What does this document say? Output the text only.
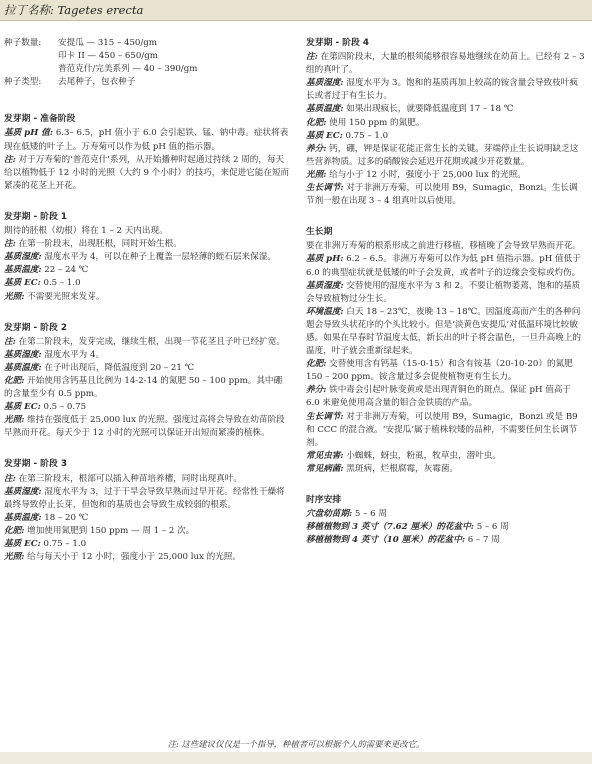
拉丁名称: Tagetes erecta
种子数量:	安提瓜 — 315 – 450/gm
印卡 II — 450 – 650/gm
普范克什/完美系列 — 40 – 390/gm
种子类型:	去尾种子，包衣种子
发芽期 - 准备阶段

基质 pH 值: 6.3– 6.5，pH 值小于 6.0 会引起铁、锰、钠中毒。症状将表现在低矮的叶子上。万寿菊可以作为低 pH 值的指示器。

注: 对于万寿菊的‘普范克什’系列，从开始播种时起通过持续 2 周的，每天给以植物低于 12 小时的光照（大约 9 个小时）的技巧，来促进它能在短而紧凑的花茎上开花。

发芽期 - 阶段 1

期待的胚根（幼根）将在 1 – 2 天内出现。

注: 在第一阶段末，出现胚根，同时开始生根。

基质湿度: 湿度水平为 4，可以在种子上覆盖一层轻薄的蛭石层来保湿。

基质温度: 22 – 24 ℃

基质 EC: 0.5 – 1.0

光照: 不需要光照来发芽。

发芽期 - 阶段 2

注: 在第二阶段末，发芽完成，继续生根，出现一节花茎且子叶已经扩宽。

基质湿度: 湿度水平为 4。

基质温度: 在子叶出现后，降低温度到 20 – 21 ℃

化肥: 开始使用含钙基且比例为 14-2-14 的氮肥 50 – 100 ppm。其中硼的含量至少有 0.5 ppm。

基质 EC: 0.5 – 0.75

光照: 维持在强度低于 25,000 lux 的光照。强度过高将会导致在幼苗阶段早熟而开花。每天少于 12 小时的光照可以保证开出短而紧凑的植株。

发芽期 - 阶段 3

注: 在第三阶段末，根部可以插入种苗培养槽，同时出现真叶。

基质湿度: 湿度水平为 3，过于干旱会导致早熟而过早开花。经常性干燥将最终导致停止长芽，但饱和的基质也会导致生成较弱的根系。

基质温度: 18 – 20 ℃

化肥: 增加使用氮肥到 150 ppm — 周 1 – 2 次。

基质 EC: 0.75 – 1.0

光照: 给与每天小于 12 小时，强度小于 25,000 lux 的光照。

发芽期 - 阶段 4

注: 在第四阶段末，大量的根须能够很容易地继续在幼苗上。已经有 2 – 3 组的真叶了。

基质湿度: 湿度水平为 3。饱和的基质再加上较高的铵含量会导致枝叶疯长或者过于有生长力。

基质温度: 如果出现疯长，就要降低温度到 17 – 18 ℃

化肥: 使用 150 ppm 的氮肥。

基质 EC: 0.75 – 1.0

养分: 钙，硼，钾是保证花能正常生长的关键。芽端停止生长说明缺乏这些营养物质。过多的硝酸铵会延迟开花期或减少开花数量。

光照: 给与小于 12 小时，强度小于 25,000 lux 的光照。

生长调节: 对于非洲万寿菊，可以使用 B9，Sumagic，Bonzi。生长调节剂一般在出现 3 – 4 组真叶以后使用。

生长期

要在非洲万寿菊的根系形成之前进行移植，移植晚了会导致早熟而开花。

基质 pH: 6.2 – 6.5。非洲万寿菊可以作为低 pH 值指示器。pH 值低于 6.0 的典型症状就是低矮的叶子会发黄，或者叶子的边缘会变棕或灼伤。

基质湿度: 交替使用的湿度水平为 3 和 2。不要让植物萎蔫，饱和的基质会导致植物过分生长。

环境温度: 白天 18 – 23℃，夜晚 13 – 18℃。因温度高而产生的各种问题会导致头状花序的个头比较小。但是‘淡黄色安提瓜’对低温环境比较敏感。如果在早春时节温度太低，新长出的叶子将会温色，一旦升高晚上的温度，叶子就会重新绿起来。

化肥: 交替使用含有钙基（15-0-15）和含有铵基（20-10-20）的氮肥 150 – 200 ppm。铵含量过多会促使植物更有生长力。

养分: 铁中毒会引起叶脉变黄或是出现青铜色的斑点。保证 pH 值高于 6.0 来避免使用高含量的钼合金铁质的产品。

生长调节: 对于非洲万寿菊，可以使用 B9，Sumagic，Bonzi 或是 B9 和 CCC 的混合液。‘安提瓜’属于植株较矮的品种，不需要任何生长调节剂。

常见虫害: 小蜘蛛，蚜虫，粉虱，牧草虫，潜叶虫。

常见病菌: 黑斑病，烂根腐霉，灰霉菌。

时序安排

穴盘幼苗期: 5 – 6 周

移植植物到 3 英寸（7.62 厘米）的花盆中: 5 – 6 周

移植植物到 4 英寸（10 厘米）的花盆中: 6 – 7 周

注: 这些建议仅仅是一个指导，种植者可以根据个人的需要来更改它。
